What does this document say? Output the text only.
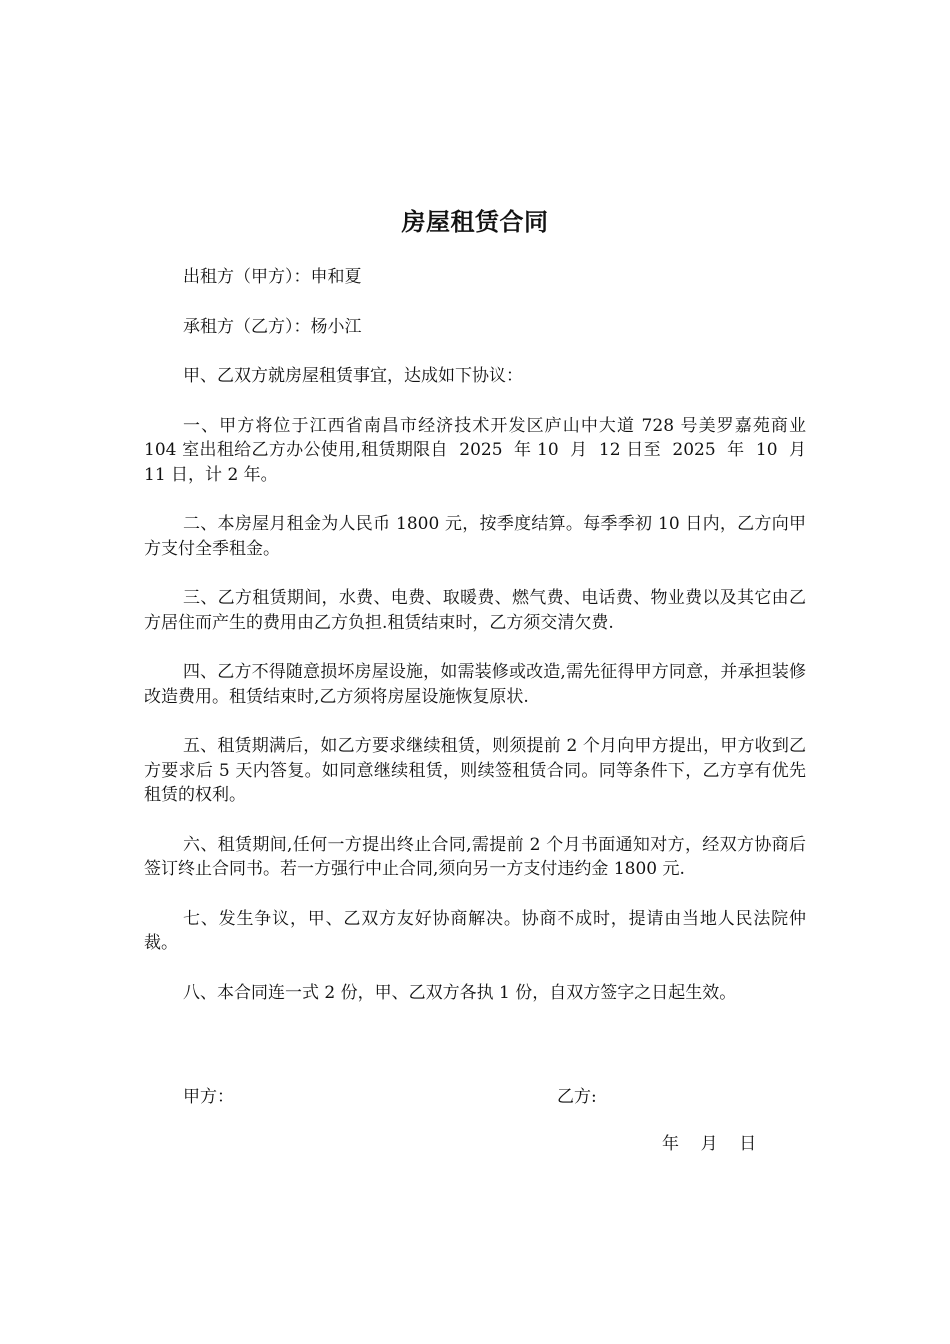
房屋租赁合同

出租方（甲方）：申和夏

承租方（乙方）：杨小江

甲、乙双方就房屋租赁事宜，达成如下协议：

一、甲方将位于江西省南昌市经济技术开发区庐山中大道 728 号美罗嘉苑商业 104 室出租给乙方办公使用,租赁期限自  2025  年 10  月  12 日至  2025  年  10  月  11 日，计 2 年。

二、本房屋月租金为人民币 1800 元，按季度结算。每季季初 10 日内，乙方向甲方支付全季租金。

三、乙方租赁期间，水费、电费、取暖费、燃气费、电话费、物业费以及其它由乙方居住而产生的费用由乙方负担.租赁结束时，乙方须交清欠费.

四、乙方不得随意损坏房屋设施，如需装修或改造,需先征得甲方同意，并承担装修改造费用。租赁结束时,乙方须将房屋设施恢复原状.

五、租赁期满后，如乙方要求继续租赁，则须提前 2 个月向甲方提出，甲方收到乙方要求后 5 天内答复。如同意继续租赁，则续签租赁合同。同等条件下，乙方享有优先租赁的权利。

六、租赁期间,任何一方提出终止合同,需提前 2 个月书面通知对方，经双方协商后签订终止合同书。若一方强行中止合同,须向另一方支付违约金 1800 元.

七、发生争议，甲、乙双方友好协商解决。协商不成时，提请由当地人民法院仲裁。

八、本合同连一式 2 份，甲、乙双方各执 1 份，自双方签字之日起生效。

甲方：	乙方:
年    月    日
